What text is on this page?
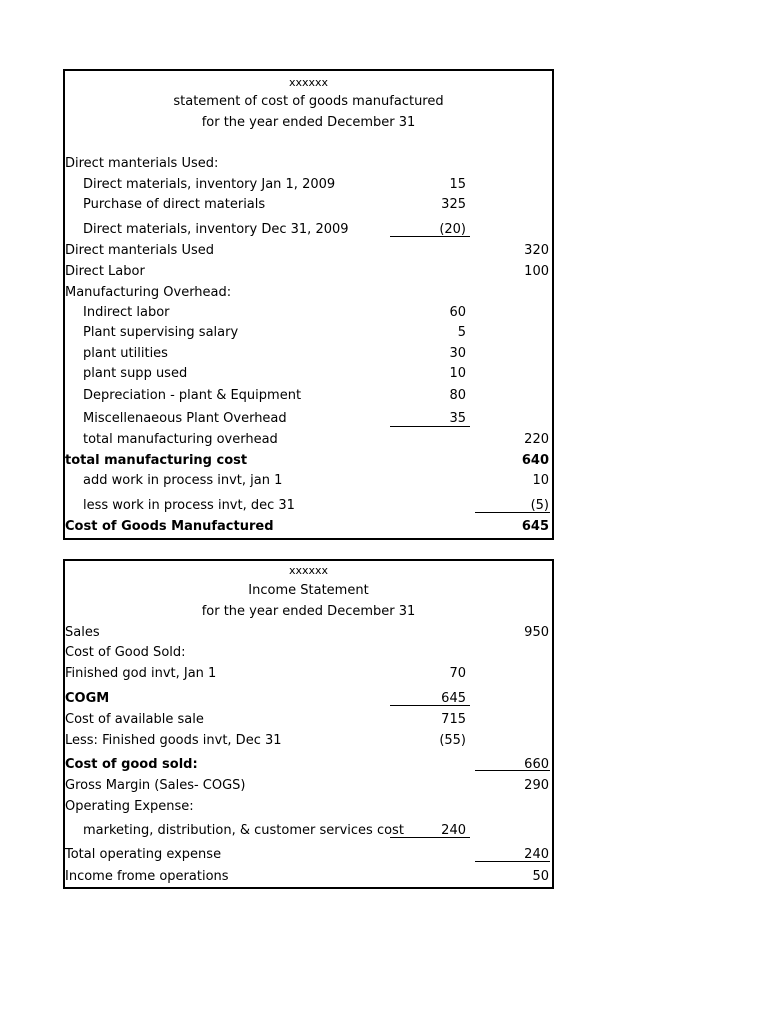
xxxxxx
statement of cost of goods manufactured
for the year ended December 31
Direct manterials Used:
Direct materials, inventory Jan 1, 2009	15
Purchase of direct materials	325
Direct materials, inventory Dec 31, 2009	(20)
Direct manterials Used	320
Direct Labor	100
Manufacturing Overhead:
Indirect labor	60
Plant supervising salary	5
plant utilities	30
plant supp used	10
Depreciation - plant & Equipment	80
Miscellenaeous Plant Overhead	35
total manufacturing overhead	220
total manufacturing cost	640
add work in process invt, jan 1	10
less work in process invt, dec 31	(5)
Cost of Goods Manufactured	645
xxxxxx
Income Statement
for the year ended December 31
Sales	950
Cost of Good Sold:
Finished god invt, Jan 1	70
COGM	645
Cost of available sale	715
Less: Finished goods invt, Dec 31	(55)
Cost of good sold:	660
Gross Margin (Sales- COGS)	290
Operating Expense:
marketing, distribution, & customer services cost	240
Total operating expense	240
Income frome operations	50
